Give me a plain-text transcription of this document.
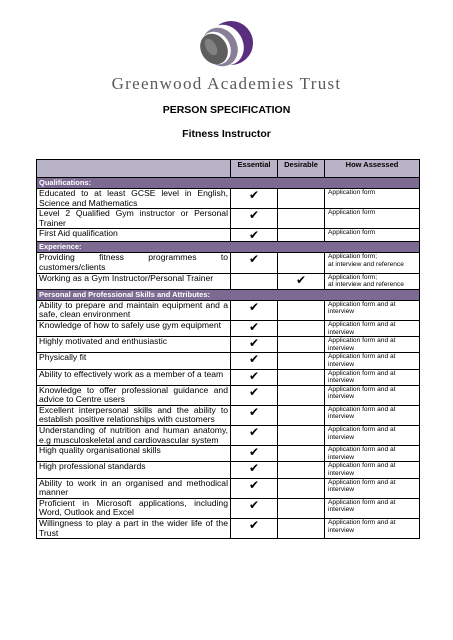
Greenwood Academies Trust
PERSON SPECIFICATION
Fitness Instructor
	Essential	Desirable	How Assessed
Qualifications:			
Educated to at least GCSE level in English, Science and Mathematics	✔		Application form
Level 2 Qualified Gym instructor or Personal Trainer	✔		Application form
First Aid qualification	✔		Application form
Experience:			
Providing fitness programmes to customers/clients	✔		Application form;
at interview and reference
Working as a Gym Instructor/Personal Trainer		✔	Application form;
at interview and reference
Personal and Professional Skills and Attributes:			
Ability to prepare and maintain equipment and a safe, clean environment	✔		Application form and at interview
Knowledge of how to safely use gym equipment	✔		Application form and at interview
Highly motivated and enthusiastic	✔		Application form and at interview
Physically fit	✔		Application form and at interview
Ability to effectively work as a member of a team	✔		Application form and at interview
Knowledge to offer professional guidance and advice to Centre users	✔		Application form and at interview
Excellent interpersonal skills and the ability to establish positive relationships with customers	✔		Application form and at interview
Understanding of nutrition and human anatomy, e.g musculoskeletal and cardiovascular system	✔		Application form and at interview
High quality organisational skills	✔		Application form and at interview
High professional standards	✔		Application form and at interview
Ability to work in an organised and methodical manner	✔		Application form and at interview
Proficient in Microsoft applications, including Word, Outlook and Excel	✔		Application form and at interview
Willingness to play a part in the wider life of the Trust	✔		Application form and at interview
